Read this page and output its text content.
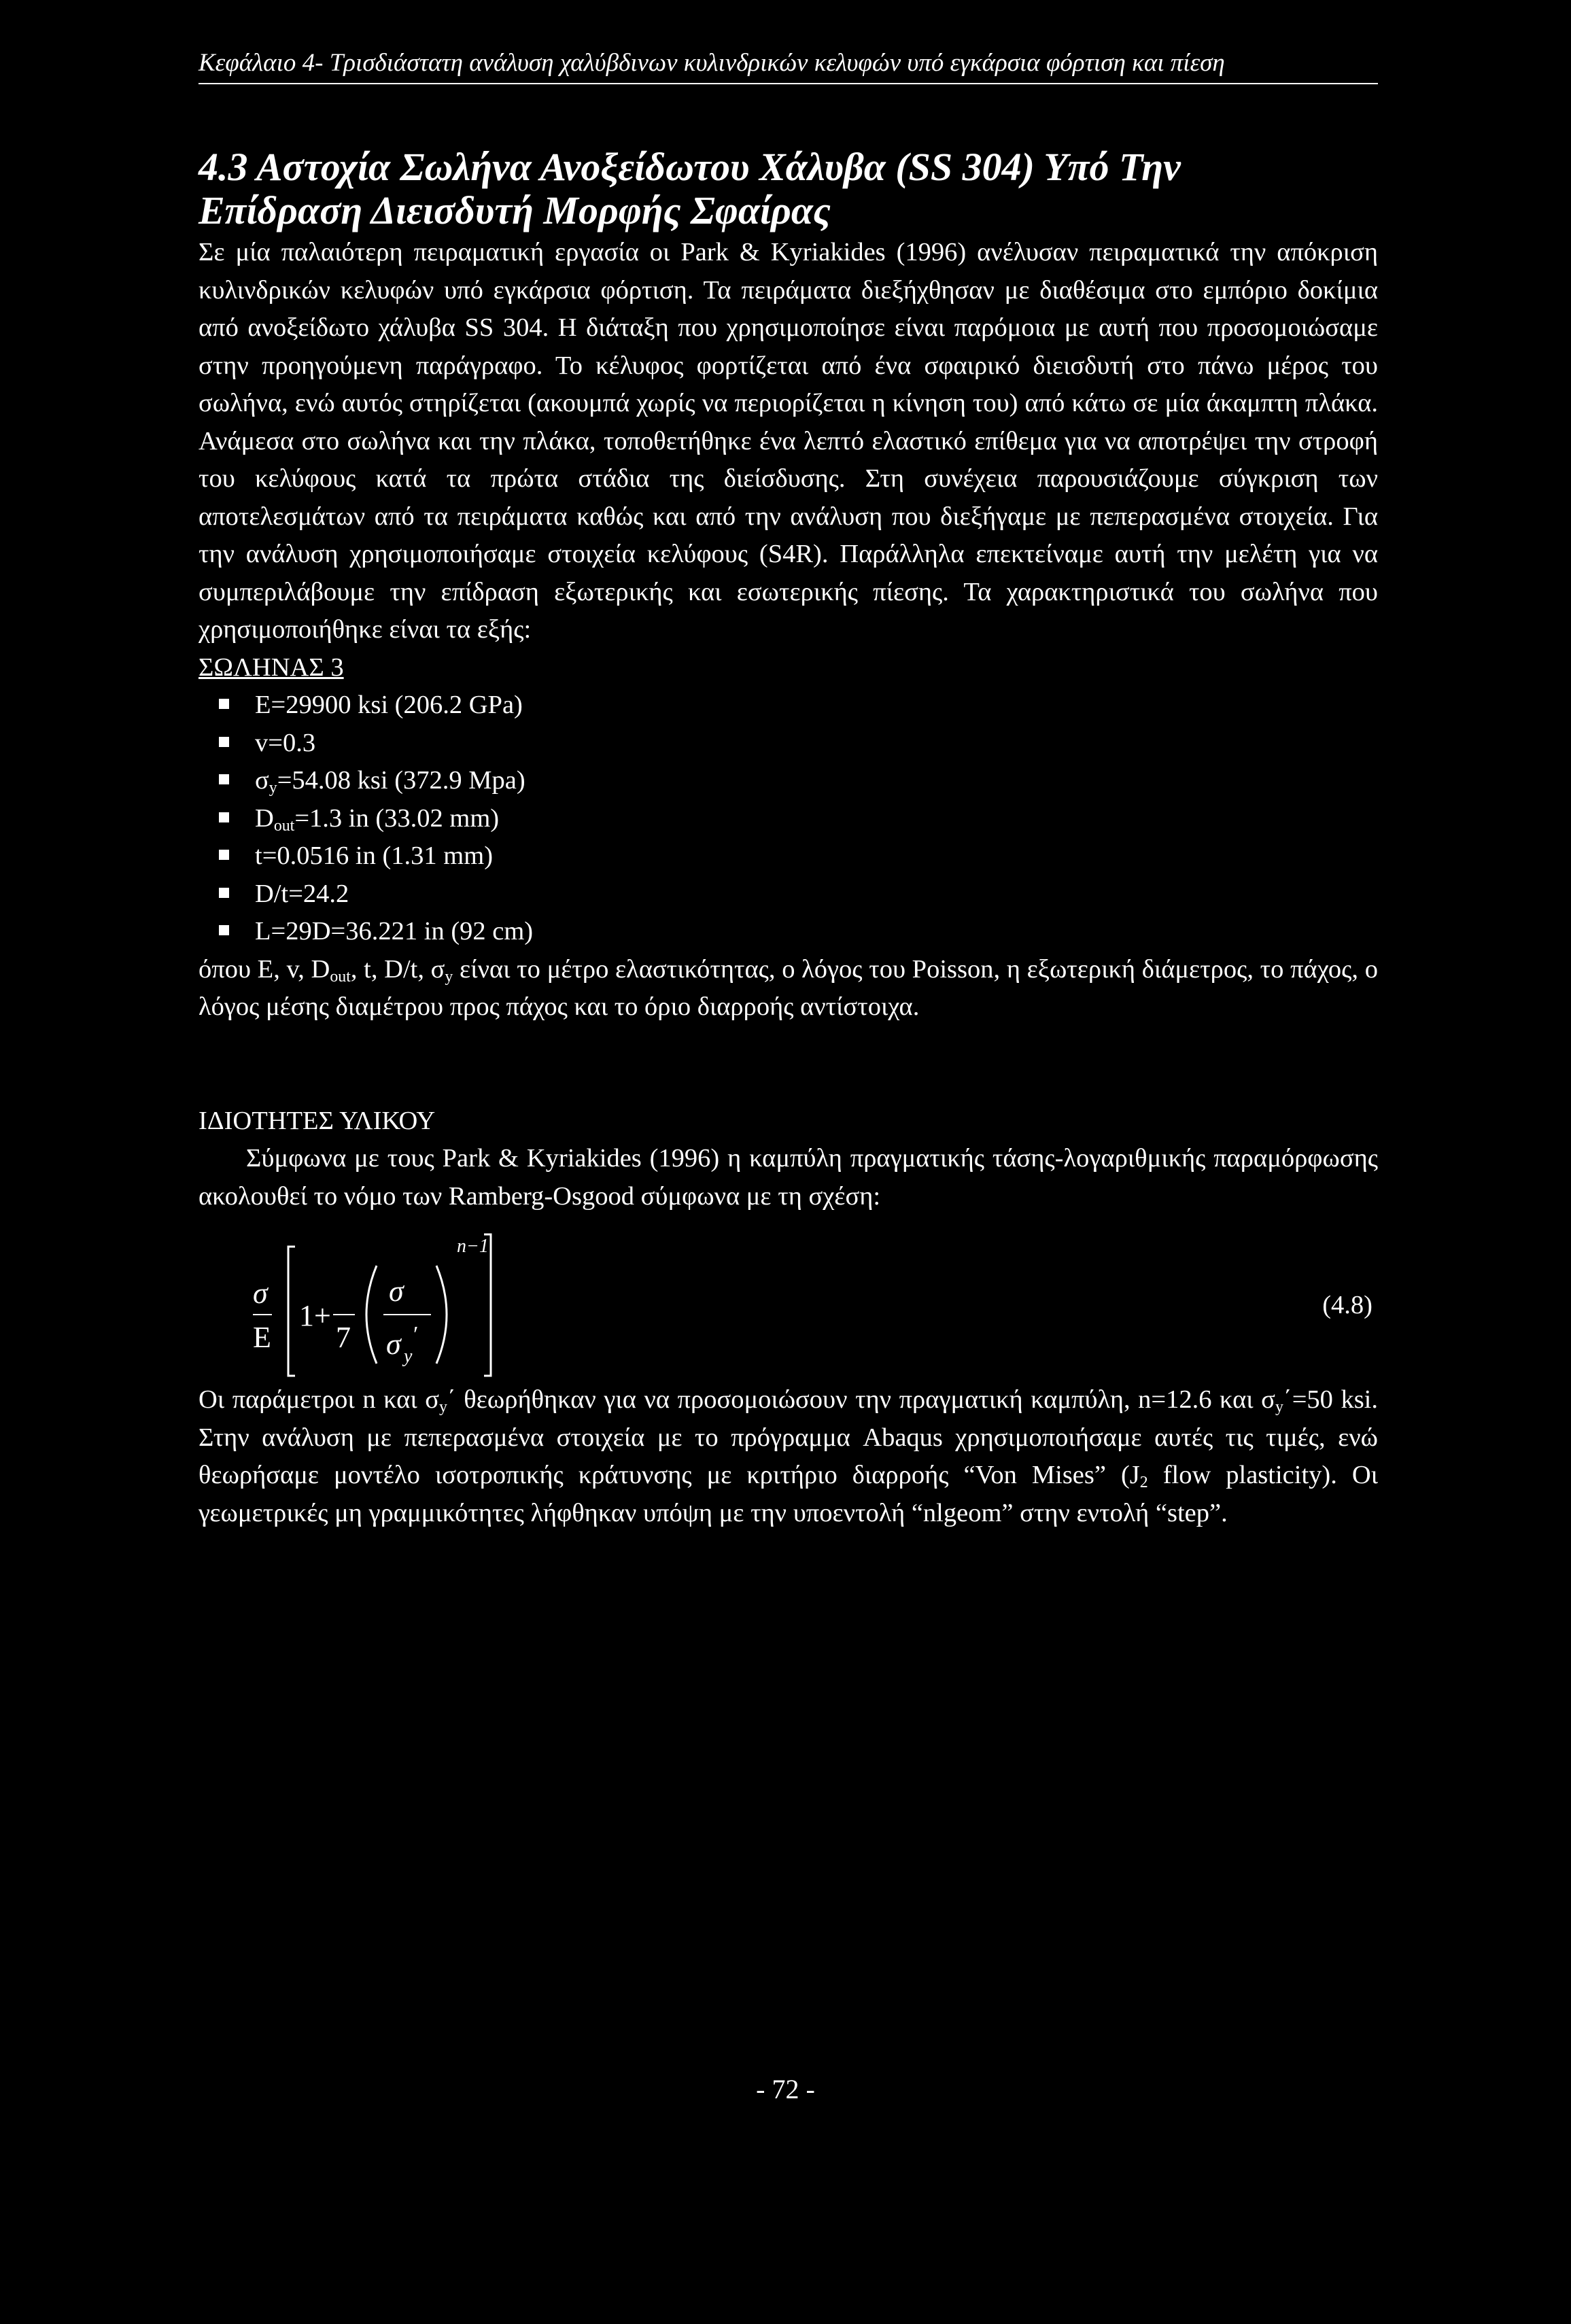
Κεφάλαιο 4- Τρισδιάστατη ανάλυση χαλύβδινων κυλινδρικών κελυφών υπό εγκάρσια φόρτιση και πίεση

4.3 Αστοχία Σωλήνα Ανοξείδωτου Χάλυβα (SS 304) Υπό Την

Επίδραση Διεισδυτή Μορφής Σφαίρας

Σε μία παλαιότερη πειραματική εργασία οι Park & Kyriakides (1996) ανέλυσαν πειραματικά την απόκριση κυλινδρικών κελυφών υπό εγκάρσια φόρτιση. Τα πειράματα διεξήχθησαν με διαθέσιμα στο εμπόριο δοκίμια από ανοξείδωτο χάλυβα SS 304. Η διάταξη που χρησιμοποίησε είναι παρόμοια με αυτή που προσομοιώσαμε στην προηγούμενη παράγραφο. Το κέλυφος φορτίζεται από ένα σφαιρικό διεισδυτή στο πάνω μέρος του σωλήνα, ενώ αυτός στηρίζεται (ακουμπά χωρίς να περιορίζεται η κίνηση του) από κάτω σε μία άκαμπτη πλάκα. Ανάμεσα στο σωλήνα και την πλάκα, τοποθετήθηκε ένα λεπτό ελαστικό επίθεμα για να αποτρέψει την στροφή του κελύφους κατά τα πρώτα στάδια της διείσδυσης. Στη συνέχεια παρουσιάζουμε σύγκριση των αποτελεσμάτων από τα πειράματα καθώς και από την ανάλυση που διεξήγαμε με πεπερασμένα στοιχεία. Για την ανάλυση χρησιμοποιήσαμε στοιχεία κελύφους (S4R). Παράλληλα επεκτείναμε αυτή την μελέτη για να συμπεριλάβουμε την επίδραση εξωτερικής και εσωτερικής πίεσης. Τα χαρακτηριστικά του σωλήνα που χρησιμοποιήθηκε είναι τα εξής:

ΣΩΛΗΝΑΣ 3

E=29900 ksi (206.2 GPa)
v=0.3
$\sigma_y=54.08$ ksi (372.9 Mpa)
$D_{out}=1.3$ in (33.02 mm)
t=0.0516 in (1.31 mm)
D/t=24.2
L=29D=36.221 in (92 cm)

όπου E, v, $D_{out}$, t, D/t, $\sigma_y$ είναι το μέτρο ελαστικότητας, ο λόγος του Poisson, η εξωτερική διάμετρος, το πάχος, ο λόγος μέσης διαμέτρου προς πάχος και το όριο διαρροής αντίστοιχα.

ΙΔΙΟΤΗΤΕΣ ΥΛΙΚΟΥ

Σύμφωνα με τους Park & Kyriakides (1996) η καμπύλη πραγματικής τάσης-λογαριθμικής παραμόρφωσης ακολουθεί το νόμο των Ramberg-Osgood σύμφωνα με τη σχέση:

σ
E
1+
7
σ
σ y
′
n−1
(4.8)

Οι παράμετροι n και $\sigma_y΄$ θεωρήθηκαν για να προσομοιώσουν την πραγματική καμπύλη, n=12.6 και $\sigma_y΄=50$ ksi. Στην ανάλυση με πεπερασμένα στοιχεία με το πρόγραμμα Abaqus χρησιμοποιήσαμε αυτές τις τιμές, ενώ θεωρήσαμε μοντέλο ισοτροπικής κράτυνσης με κριτήριο διαρροής “Von Mises” ($J_2$ flow plasticity). Οι γεωμετρικές μη γραμμικότητες λήφθηκαν υπόψη με την υποεντολή “nlgeom” στην εντολή “step”.

- 72 -
